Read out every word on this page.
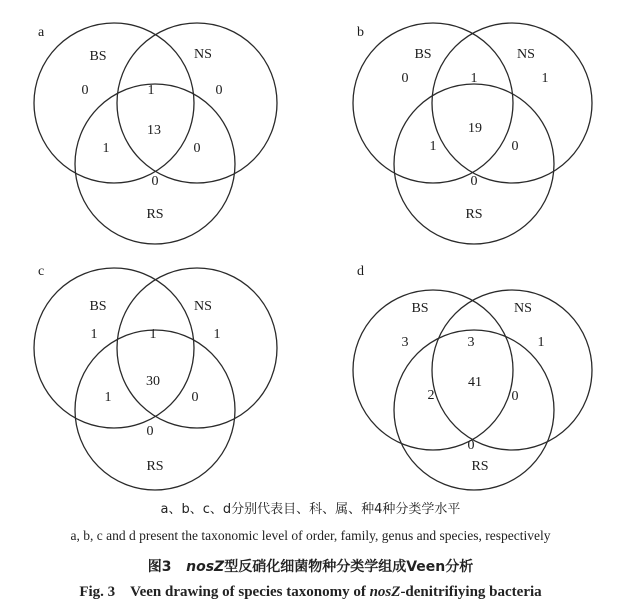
a
BS	NS
RS
0	0
0
1
1	0
13
b
BS	NS
RS
0	1
0
1
1	0
19
c
BS	NS
RS
1	1
0
1
1	0
30
d
BS	NS
RS
3	1
0
3
2	0
41
a、b、c、d分别代表目、科、属、种4种分类学水平
a, b, c and d present the taxonomic level of order, family, genus and species, respectively
图3 nosZ型反硝化细菌物种分类学组成Veen分析
Fig. 3 Veen drawing of species taxonomy of nosZ-denitrifiying bacteria
